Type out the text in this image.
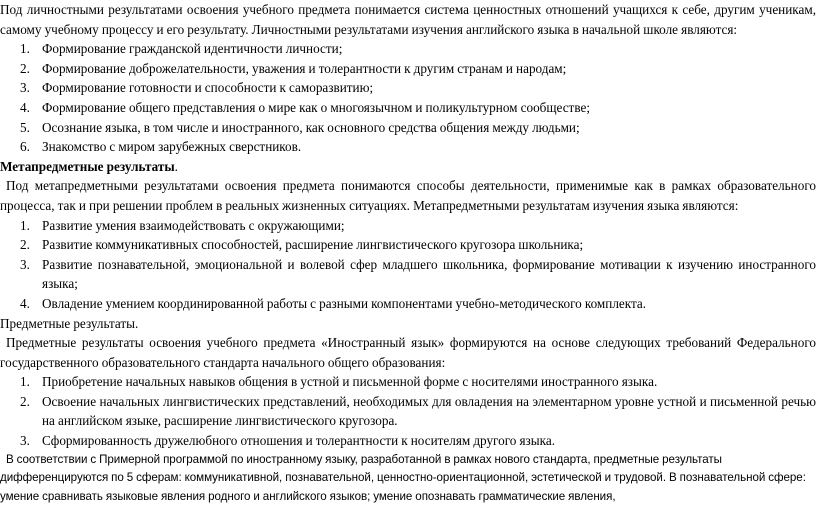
Под личностными результатами освоения учебного предмета понимается система ценностных отношений учащихся к себе, другим ученикам, самому учебному процессу и его результату. Личностными результатами изучения английского языка в начальной школе являются:

1. Формирование гражданской идентичности личности;
2. Формирование доброжелательности, уважения и толерантности к другим странам и народам;
3. Формирование готовности и способности к саморазвитию;
4. Формирование общего представления о мире как о многоязычном и поликультурном сообществе;
5. Осознание языка, в том числе и иностранного, как основного средства общения между людьми;
6. Знакомство с миром зарубежных сверстников.

Метапредметные результаты.

Под метапредметными результатами освоения предмета понимаются способы деятельности, применимые как в рамках образовательного процесса, так и при решении проблем в реальных жизненных ситуациях. Метапредметными результатам изучения языка являются:

1. Развитие умения взаимодействовать с окружающими;
2. Развитие коммуникативных способностей, расширение лингвистического кругозора школьника;
3. Развитие познавательной, эмоциональной и волевой сфер младшего школьника, формирование мотивации к изучению иностранного языка;
4. Овладение умением координированной работы с разными компонентами учебно-методического комплекта.

Предметные результаты.

Предметные результаты освоения учебного предмета «Иностранный язык» формируются на основе следующих требований Федерального государственного образовательного стандарта начального общего образования:

1. Приобретение начальных навыков общения в устной и письменной форме с носителями иностранного языка.
2. Освоение начальных лингвистических представлений, необходимых для овладения на элементарном уровне устной и письменной речью на английском языке, расширение лингвистического кругозора.
3. Сформированность дружелюбного отношения и толерантности к носителям другого языка.

В соответствии с Примерной программой по иностранному языку, разработанной в рамках нового стандарта, предметные результаты

дифференцируются по 5 сферам: коммуникативной, познавательной, ценностно-ориентационной, эстетической и трудовой. В познавательной сфере:

умение сравнивать языковые явления родного и английского языков; умение опознавать грамматические явления,
